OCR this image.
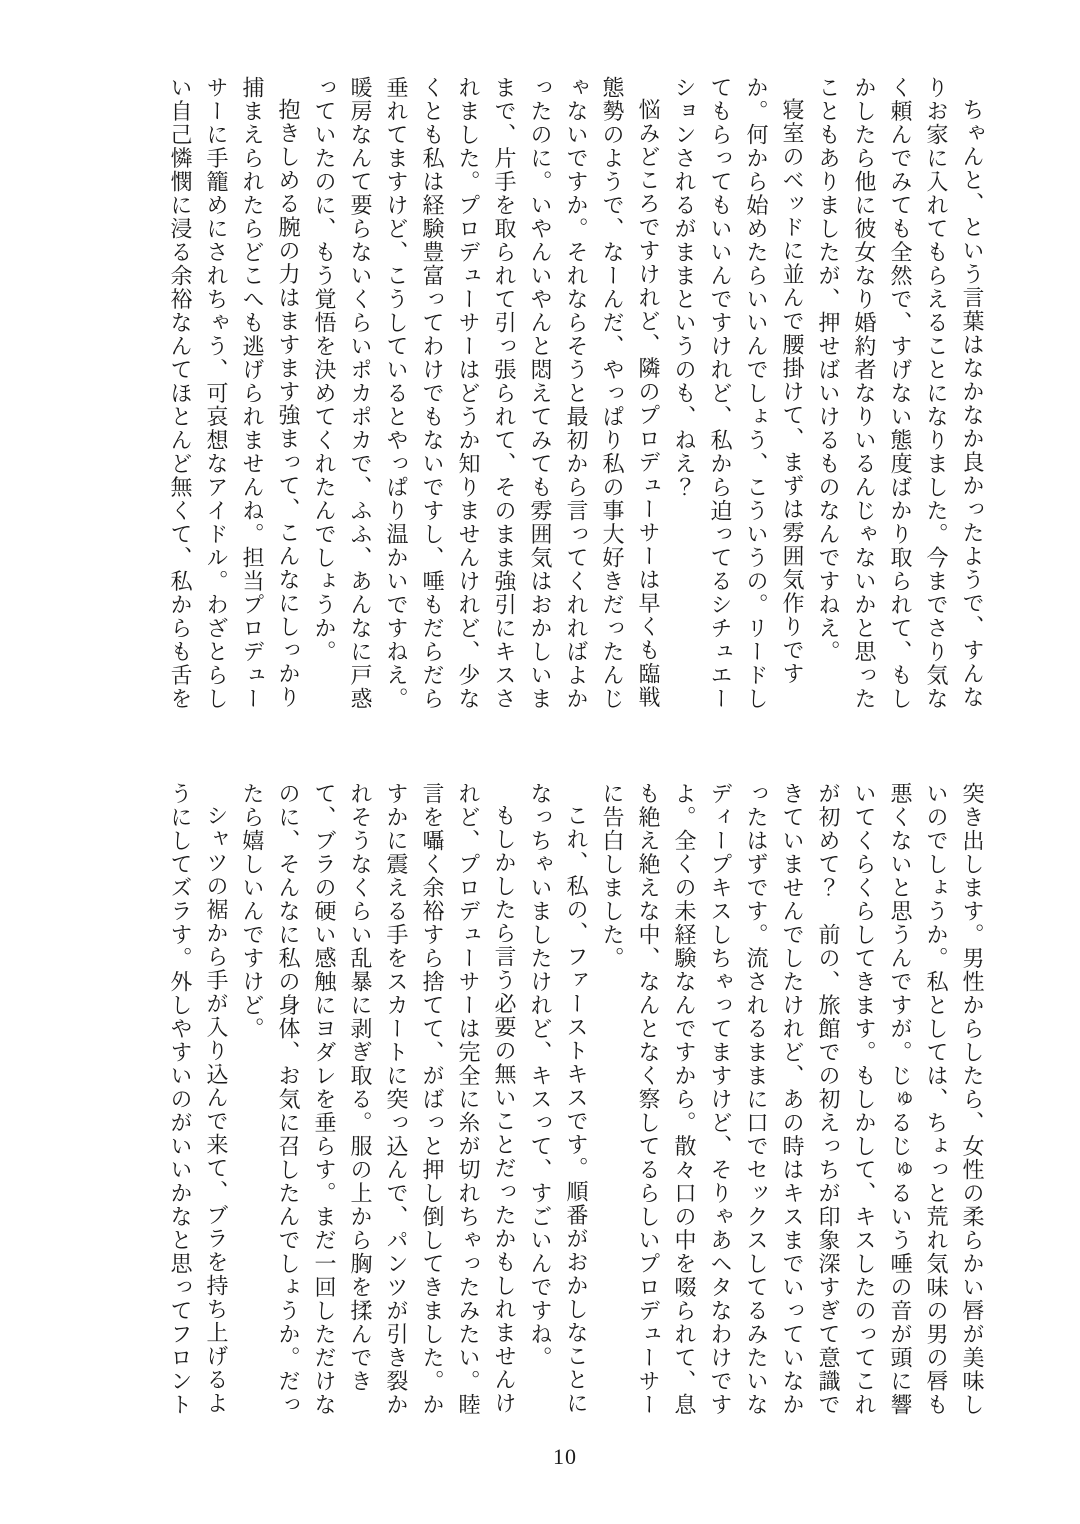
ちゃんと、という言葉はなかなか良かったようで、すんなりお家に入れてもらえることになりました。今までさり気なく頼んでみても全然で、すげない態度ばかり取られて、もしかしたら他に彼女なり婚約者なりいるんじゃないかと思ったこともありましたが、押せばいけるものなんですねえ。

寝室のベッドに並んで腰掛けて、まずは雰囲気作りですか。何から始めたらいいんでしょう、こういうの。リードしてもらってもいいんですけれど、私から迫ってるシチュエーションされるがままというのも、ねえ？

悩みどころですけれど、隣のプロデューサーは早くも臨戦態勢のようで、なーんだ、やっぱり私の事大好きだったんじゃないですか。それならそうと最初から言ってくれればよかったのに。いやんいやんと悶えてみても雰囲気はおかしいままで、片手を取られて引っ張られて、そのまま強引にキスされました。プロデューサーはどうか知りませんけれど、少なくとも私は経験豊富ってわけでもないですし、唾もだらだら垂れてますけど、こうしているとやっぱり温かいですねえ。暖房なんて要らないくらいポカポカで、ふふ、あんなに戸惑っていたのに、もう覚悟を決めてくれたんでしょうか。

抱きしめる腕の力はますます強まって、こんなにしっかり捕まえられたらどこへも逃げられませんね。担当プロデューサーに手籠めにされちゃう、可哀想なアイドル。わざとらしい自己憐憫に浸る余裕なんてほとんど無くて、私からも舌を

突き出します。男性からしたら、女性の柔らかい唇が美味しいのでしょうか。私としては、ちょっと荒れ気味の男の唇も悪くないと思うんですが。じゅるじゅるいう唾の音が頭に響いてくらくらしてきます。もしかして、キスしたのってこれが初めて？　前の、旅館での初えっちが印象深すぎて意識できていませんでしたけれど、あの時はキスまでいっていなかったはずです。流されるままに口でセックスしてるみたいなディープキスしちゃってますけど、そりゃあヘタなわけですよ。全くの未経験なんですから。散々口の中を啜られて、息も絶え絶えな中、なんとなく察してるらしいプロデューサーに告白しました。

これ、私の、ファーストキスです。順番がおかしなことになっちゃいましたけれど、キスって、すごいんですね。

もしかしたら言う必要の無いことだったかもしれませんけれど、プロデューサーは完全に糸が切れちゃったみたい。睦言を囁く余裕すら捨てて、がばっと押し倒してきました。かすかに震える手をスカートに突っ込んで、パンツが引き裂かれそうなくらい乱暴に剥ぎ取る。服の上から胸を揉んできて、ブラの硬い感触にヨダレを垂らす。まだ一回しただけなのに、そんなに私の身体、お気に召したんでしょうか。だったら嬉しいんですけど。

シャツの裾から手が入り込んで来て、ブラを持ち上げるようにしてズラす。外しやすいのがいいかなと思ってフロント

10
